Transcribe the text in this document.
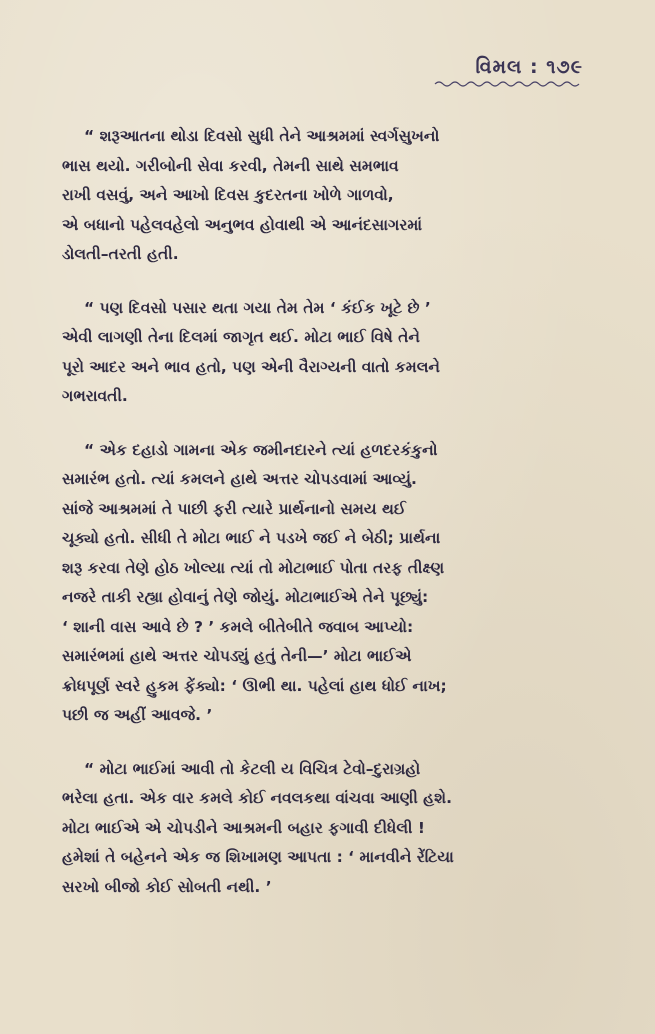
વિમલ : ૧૭૯

“ શરૂઆતના થોડા દિવસો સુધી તેને આશ્રમમાં સ્વર્ગસુખનો
ભાસ થયો. ગરીબોની સેવા કરવી, તેમની સાથે સમભાવ
રાખી વસવું, અને આખો દિવસ કુદરતના ખોળે ગાળવો,
એ બધાનો પહેલવહેલો અનુભવ હોવાથી એ આનંદસાગરમાં
ડોલતી–તરતી હતી.

“ પણ દિવસો પસાર થતા ગયા તેમ તેમ ‘ કંઈક ખૂટે છે ’
એવી લાગણી તેના દિલમાં જાગૃત થઈ. મોટા ભાઈ વિષે તેને
પૂરો આદર અને ભાવ હતો, પણ એની વૈરાગ્યની વાતો કમલને
ગભરાવતી.

“ એક દહાડો ગામના એક જમીનદારને ત્યાં હળદરકંકુનો
સમારંભ હતો. ત્યાં કમલને હાથે અત્તર ચોપડવામાં આવ્યું.
સાંજે આશ્રમમાં તે પાછી ફરી ત્યારે પ્રાર્થનાનો સમય થઈ
ચૂક્યો હતો. સીધી તે મોટા ભાઈ ને પડખે જઈ ને બેઠી; પ્રાર્થના
શરૂ કરવા તેણે હોઠ ખોલ્યા ત્યાં તો મોટાભાઈ પોતા તરફ તીક્ષ્ણ
નજરે તાકી રહ્યા હોવાનું તેણે જોયું. મોટાભાઈએ તેને પૂછ્યું:
‘ શાની વાસ આવે છે ? ’ કમલે બીતેબીતે જવાબ આપ્યો:
સમારંભમાં હાથે અત્તર ચોપડ્યું હતું તેની—’ મોટા ભાઈએ
ક્રોધપૂર્ણ સ્વરે હુકમ ફેંક્યો: ‘ ઊભી થા. પહેલાં હાથ ધોઈ નાખ;
પછી જ અહીં આવજે. ’

“ મોટા ભાઈમાં આવી તો કેટલી ય વિચિત્ર ટેવો–દુરાગ્રહો
ભરેલા હતા. એક વાર કમલે કોઈ નવલકથા વાંચવા આણી હશે.
મોટા ભાઈએ એ ચોપડીને આશ્રમની બહાર ફગાવી દીધેલી !
હમેશાં તે બહેનને એક જ શિખામણ આપતા : ‘ માનવીને રેંટિયા
સરખો બીજો કોઈ સોબતી નથી. ’
